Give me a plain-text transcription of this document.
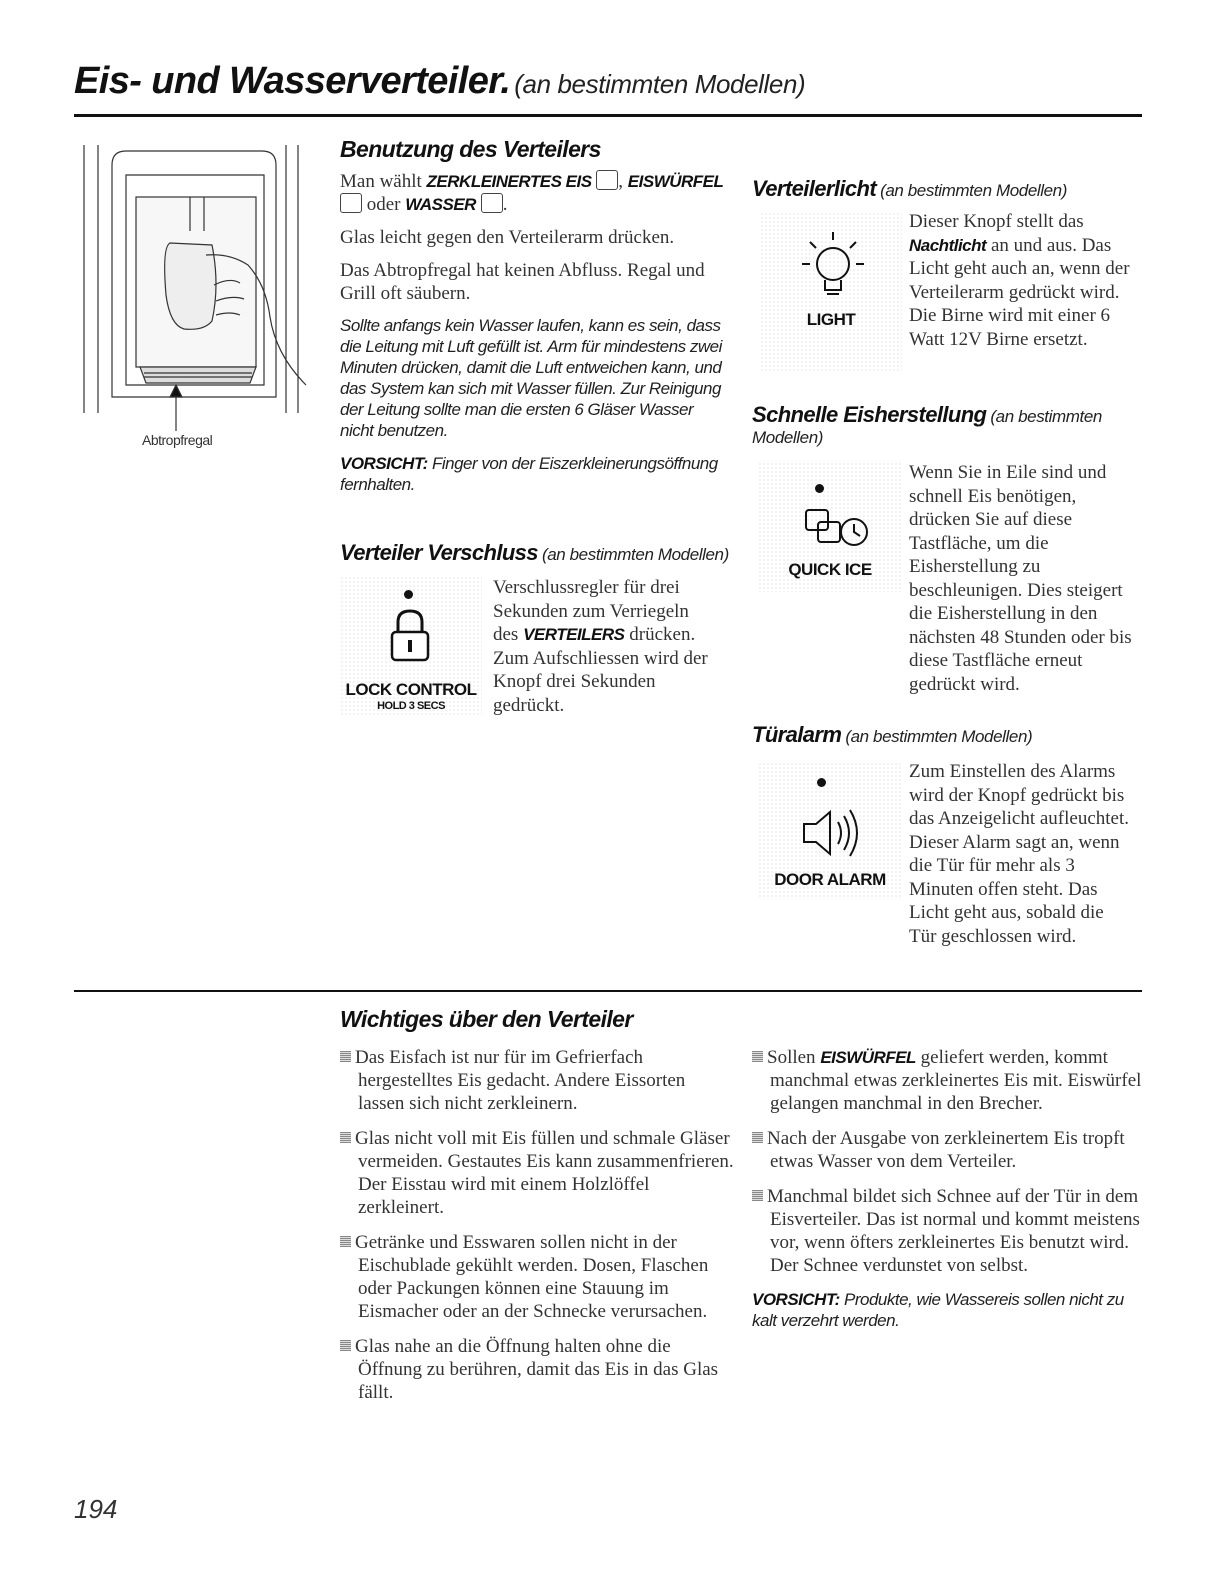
Eis- und Wasserverteiler. (an bestimmten Modellen)
Abtropfregal
Benutzung des Verteilers

Man wählt ZERKLEINERTES EIS , EISWÜRFEL
oder WASSER .

Glas leicht gegen den Verteilerarm drücken.

Das Abtropfregal hat keinen Abfluss. Regal und Grill oft säubern.

Sollte anfangs kein Wasser laufen, kann es sein, dass die Leitung mit Luft gefüllt ist. Arm für mindestens zwei Minuten drücken, damit die Luft entweichen kann, und das System kan sich mit Wasser füllen. Zur Reinigung der Leitung sollte man die ersten 6 Gläser Wasser nicht benutzen.

VORSICHT: Finger von der Eiszerkleinerungsöffnung fernhalten.

Verteiler Verschluss (an bestimmten Modellen)
LOCK CONTROL
HOLD 3 SECS
Verschlussregler für drei Sekunden zum Verriegeln des VERTEILERS drücken. Zum Aufschliessen wird der Knopf drei Sekunden gedrückt.
Verteilerlicht (an bestimmten Modellen)
LIGHT
Dieser Knopf stellt das Nachtlicht an und aus. Das Licht geht auch an, wenn der Verteilerarm gedrückt wird. Die Birne wird mit einer 6 Watt 12V Birne ersetzt.
Schnelle Eisherstellung (an bestimmten Modellen)
QUICK ICE
Wenn Sie in Eile sind und schnell Eis benötigen, drücken Sie auf diese Tastfläche, um die Eisherstellung zu beschleunigen. Dies steigert die Eisherstellung in den nächsten 48 Stunden oder bis diese Tastfläche erneut gedrückt wird.
Türalarm (an bestimmten Modellen)
DOOR ALARM
Zum Einstellen des Alarms wird der Knopf gedrückt bis das Anzeigelicht aufleuchtet. Dieser Alarm sagt an, wenn die Tür für mehr als 3 Minuten offen steht. Das Licht geht aus, sobald die Tür geschlossen wird.
Wichtiges über den Verteiler
Das Eisfach ist nur für im Gefrierfach hergestelltes Eis gedacht. Andere Eissorten lassen sich nicht zerkleinern.
Glas nicht voll mit Eis füllen und schmale Gläser vermeiden. Gestautes Eis kann zusammenfrieren. Der Eisstau wird mit einem Holzlöffel zerkleinert.
Getränke und Esswaren sollen nicht in der Eischublade gekühlt werden. Dosen, Flaschen oder Packungen können eine Stauung im Eismacher oder an der Schnecke verursachen.
Glas nahe an die Öffnung halten ohne die Öffnung zu berühren, damit das Eis in das Glas fällt.
Sollen EISWÜRFEL geliefert werden, kommt manchmal etwas zerkleinertes Eis mit. Eiswürfel gelangen manchmal in den Brecher.
Nach der Ausgabe von zerkleinertem Eis tropft etwas Wasser von dem Verteiler.
Manchmal bildet sich Schnee auf der Tür in dem Eisverteiler. Das ist normal und kommt meistens vor, wenn öfters zerkleinertes Eis benutzt wird. Der Schnee verdunstet von selbst.

VORSICHT: Produkte, wie Wassereis sollen nicht zu kalt verzehrt werden.

194
